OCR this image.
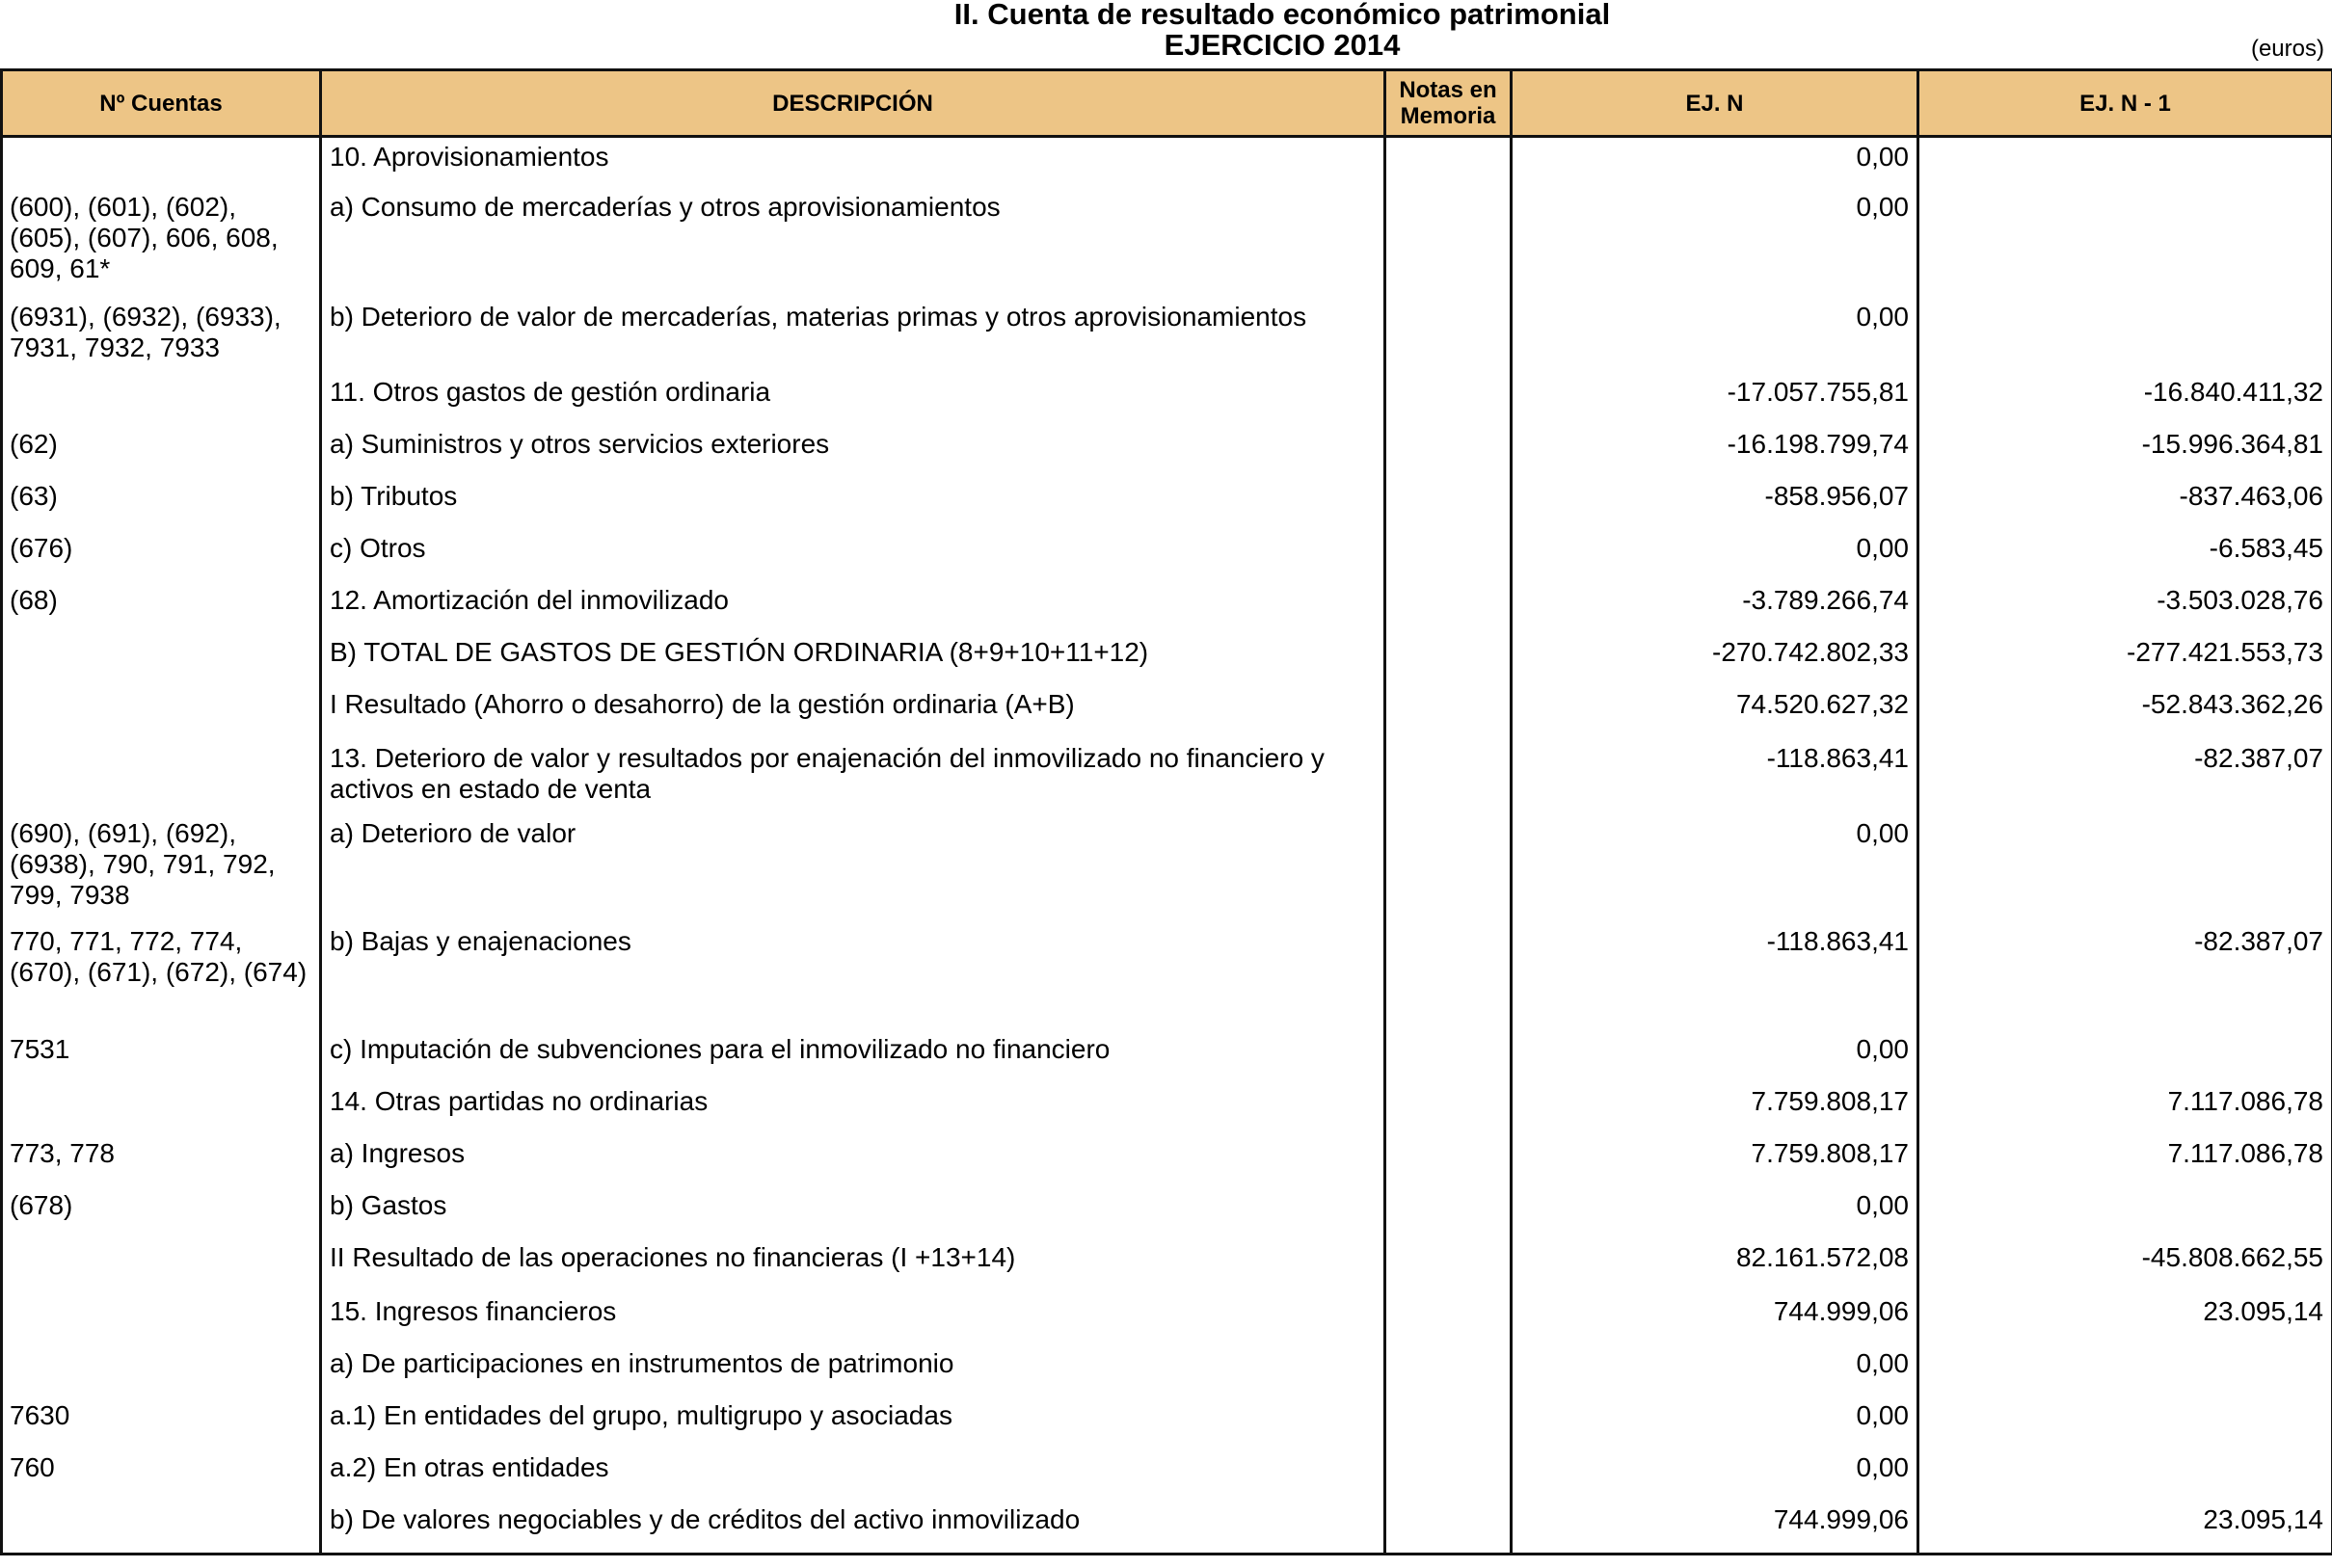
II. Cuenta de resultado económico patrimonial
EJERCICIO 2014	(euros)
Nº Cuentas	DESCRIPCIÓN	Notas en Memoria	EJ. N	EJ. N - 1
	10. Aprovisionamientos		0,00	
(600), (601), (602), (605), (607), 606, 608, 609, 61*	a) Consumo de mercaderías y otros aprovisionamientos		0,00	
(6931), (6932), (6933), 7931, 7932, 7933	b) Deterioro de valor de mercaderías, materias primas y otros aprovisionamientos		0,00	
	11. Otros gastos de gestión ordinaria		-17.057.755,81	-16.840.411,32
(62)	a) Suministros y otros servicios exteriores		-16.198.799,74	-15.996.364,81
(63)	b) Tributos		-858.956,07	-837.463,06
(676)	c) Otros		0,00	-6.583,45
(68)	12. Amortización del inmovilizado		-3.789.266,74	-3.503.028,76
	B) TOTAL DE GASTOS DE GESTIÓN ORDINARIA (8+9+10+11+12)		-270.742.802,33	-277.421.553,73
	I Resultado (Ahorro o desahorro) de la gestión ordinaria (A+B)		74.520.627,32	-52.843.362,26
	13. Deterioro de valor y resultados por enajenación del inmovilizado no financiero y activos en estado de venta		-118.863,41	-82.387,07
(690), (691), (692), (6938), 790, 791, 792, 799, 7938	a) Deterioro de valor		0,00	
770, 771, 772, 774, (670), (671), (672), (674)	b) Bajas y enajenaciones		-118.863,41	-82.387,07
7531	c) Imputación de subvenciones para el inmovilizado no financiero		0,00	
	14. Otras partidas no ordinarias		7.759.808,17	7.117.086,78
773, 778	a) Ingresos		7.759.808,17	7.117.086,78
(678)	b) Gastos		0,00	
	II Resultado de las operaciones no financieras (I +13+14)		82.161.572,08	-45.808.662,55
	15. Ingresos financieros		744.999,06	23.095,14
	a) De participaciones en instrumentos de patrimonio		0,00	
7630	a.1) En entidades del grupo, multigrupo y asociadas		0,00	
760	a.2) En otras entidades		0,00	
	b) De valores negociables y de créditos del activo inmovilizado		744.999,06	23.095,14
